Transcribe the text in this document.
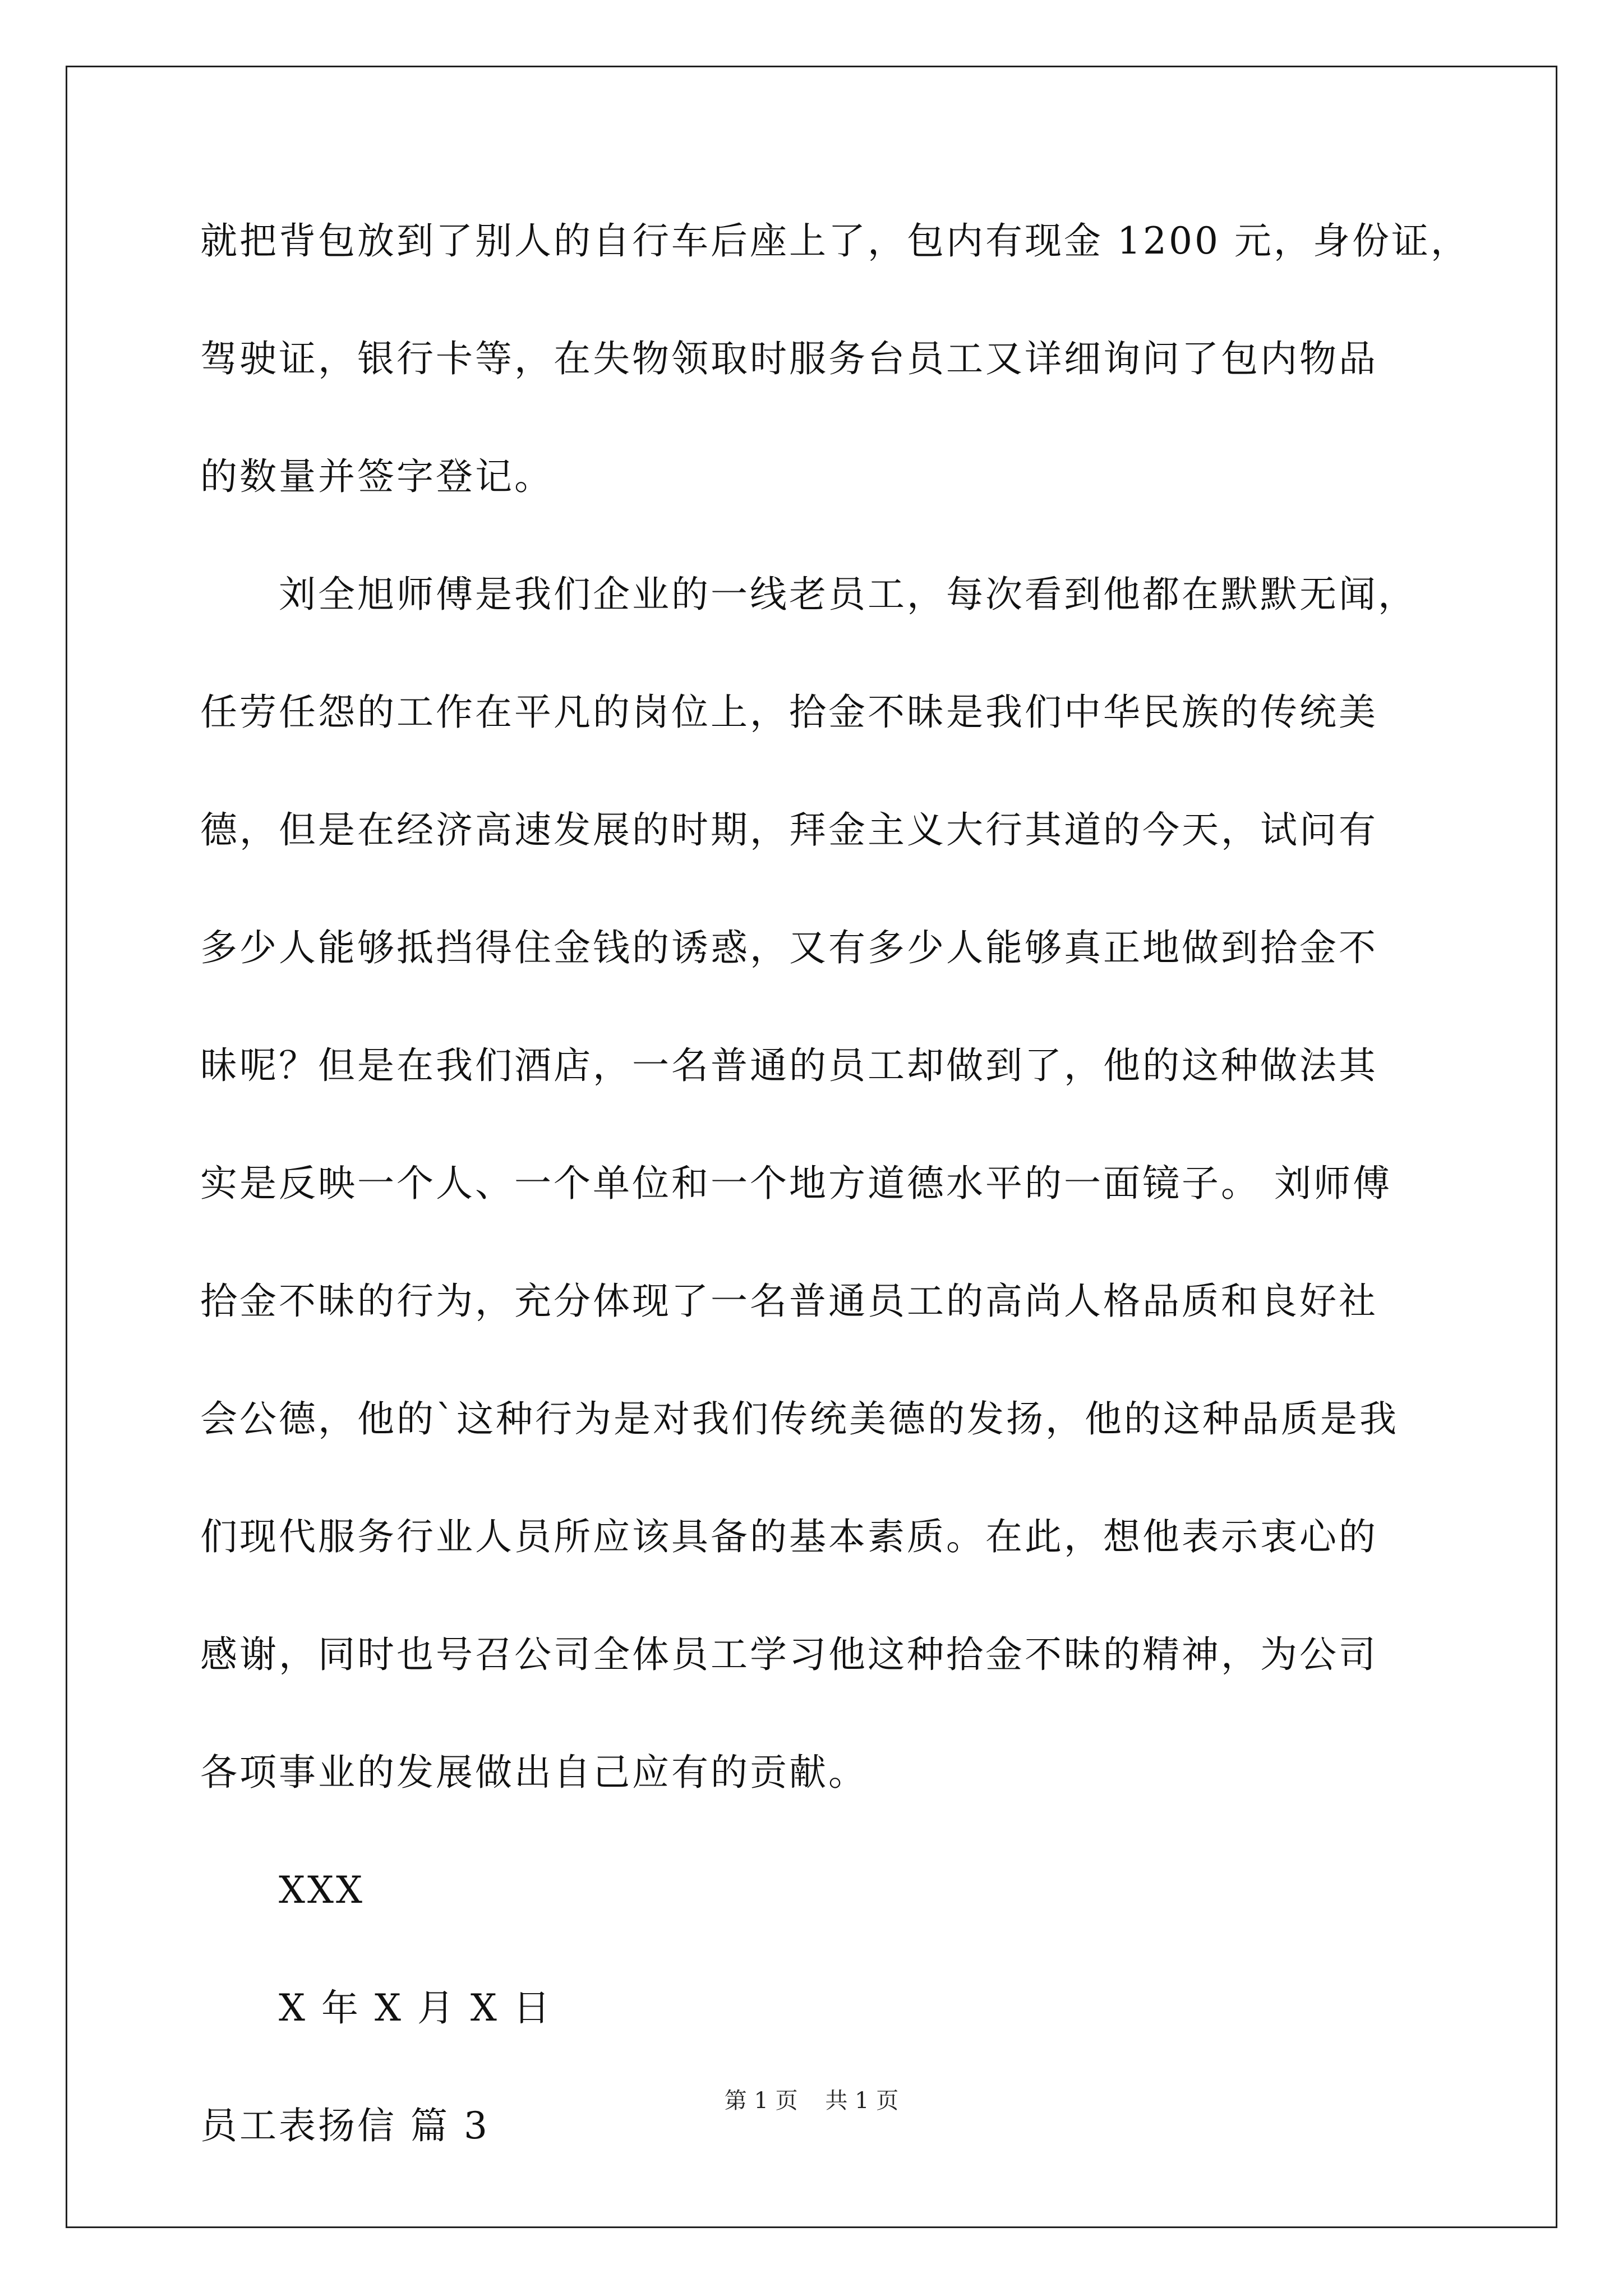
就把背包放到了别人的自行车后座上了，包内有现金 1200 元，身份证，
驾驶证，银行卡等，在失物领取时服务台员工又详细询问了包内物品
的数量并签字登记。
刘全旭师傅是我们企业的一线老员工，每次看到他都在默默无闻，
任劳任怨的工作在平凡的岗位上，拾金不昧是我们中华民族的传统美
德，但是在经济高速发展的时期，拜金主义大行其道的今天，试问有
多少人能够抵挡得住金钱的诱惑，又有多少人能够真正地做到拾金不
昧呢？但是在我们酒店，一名普通的员工却做到了，他的这种做法其
实是反映一个人、一个单位和一个地方道德水平的一面镜子。 刘师傅
拾金不昧的行为，充分体现了一名普通员工的高尚人格品质和良好社
会公德，他的`这种行为是对我们传统美德的发扬，他的这种品质是我
们现代服务行业人员所应该具备的基本素质。在此，想他表示衷心的
感谢，同时也号召公司全体员工学习他这种拾金不昧的精神，为公司
各项事业的发展做出自己应有的贡献。
XXX
X 年 X 月 X 日
员工表扬信 篇 3
第 1 页 共 1 页
